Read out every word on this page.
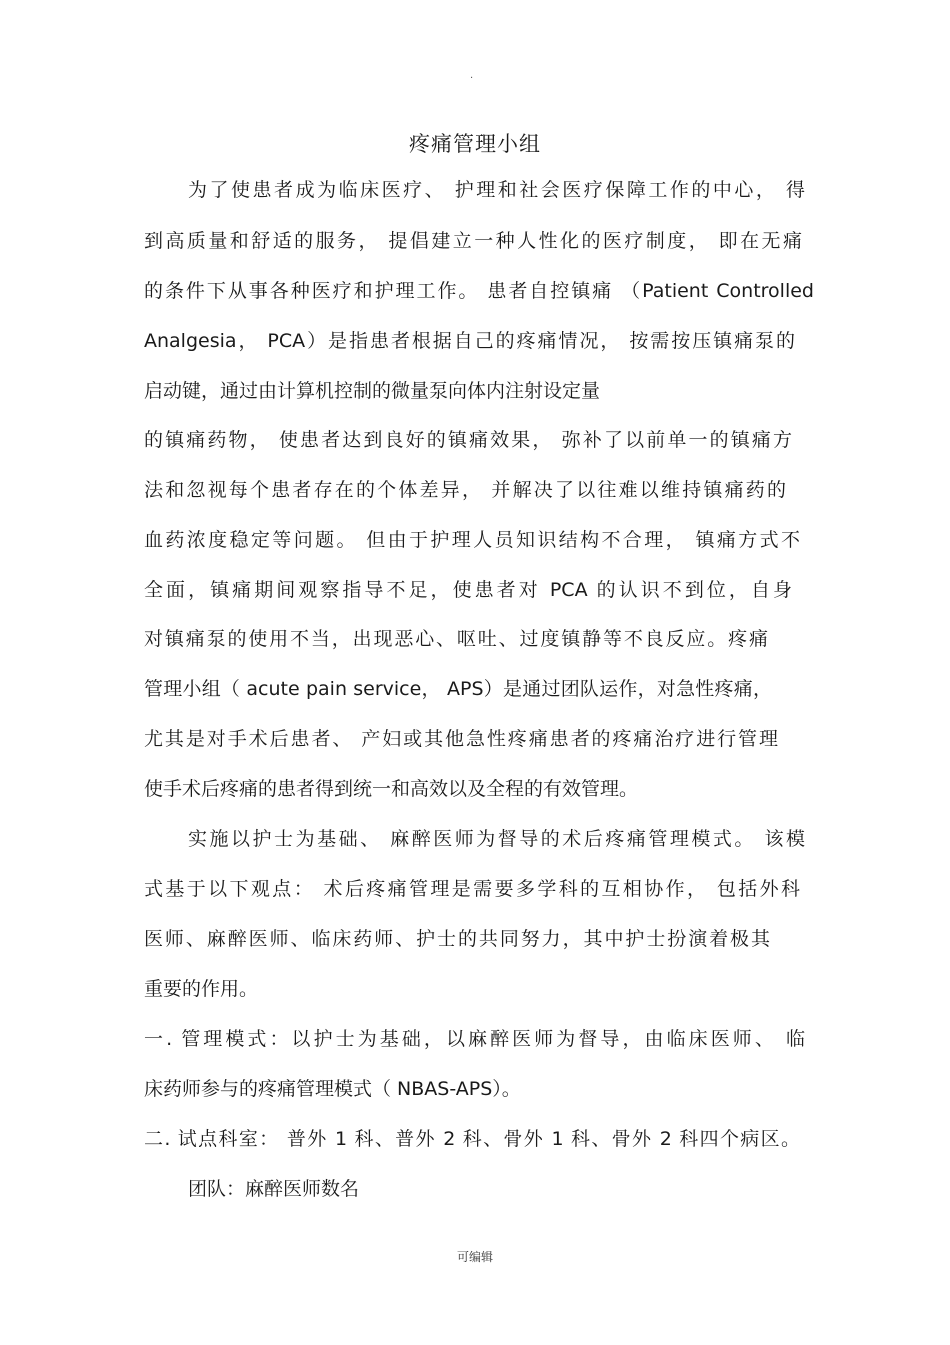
.
疼痛管理小组
为了使患者成为临床医疗、 护理和社会医疗保障工作的中心， 得
到高质量和舒适的服务， 提倡建立一种人性化的医疗制度， 即在无痛
的条件下从事各种医疗和护理工作。 患者自控镇痛 （Patient Controlled
Analgesia， PCA）是指患者根据自己的疼痛情况， 按需按压镇痛泵的
启动键，通过由计算机控制的微量泵向体内注射设定量
的镇痛药物， 使患者达到良好的镇痛效果， 弥补了以前单一的镇痛方
法和忽视每个患者存在的个体差异， 并解决了以往难以维持镇痛药的
血药浓度稳定等问题。 但由于护理人员知识结构不合理， 镇痛方式不
全面，镇痛期间观察指导不足，使患者对 PCA 的认识不到位，自身
对镇痛泵的使用不当，出现恶心、呕吐、过度镇静等不良反应。疼痛
管理小组（ acute pain service， APS）是通过团队运作，对急性疼痛，
尤其是对手术后患者、 产妇或其他急性疼痛患者的疼痛治疗进行管理
使手术后疼痛的患者得到统一和高效以及全程的有效管理。
实施以护士为基础、 麻醉医师为督导的术后疼痛管理模式。 该模
式基于以下观点： 术后疼痛管理是需要多学科的互相协作， 包括外科
医师、麻醉医师、临床药师、护士的共同努力，其中护士扮演着极其
重要的作用。
一. 管理模式：以护士为基础，以麻醉医师为督导，由临床医师、 临
床药师参与的疼痛管理模式（ NBAS-APS）。
二. 试点科室： 普外 1 科、普外 2 科、骨外 1 科、骨外 2 科四个病区。
团队：麻醉医师数名
可编辑
